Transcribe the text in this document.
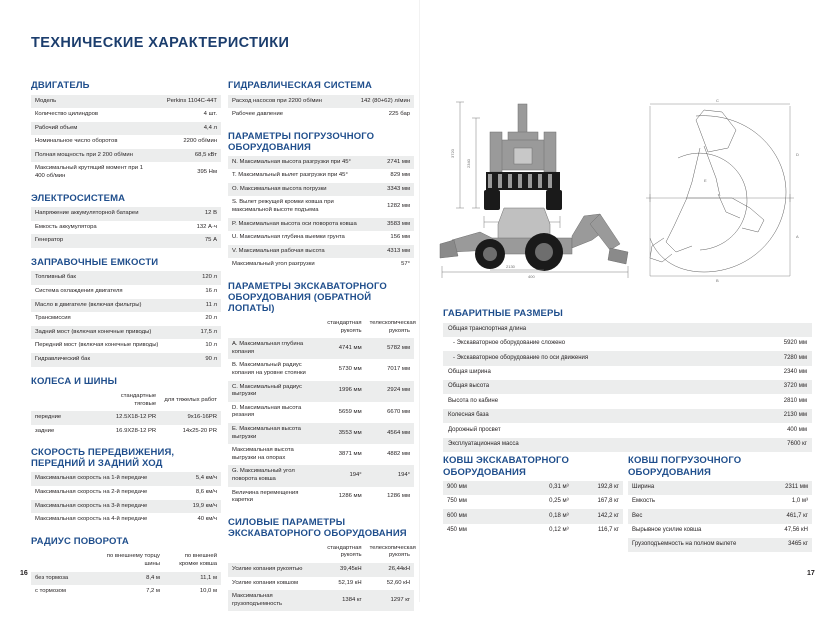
ТЕХНИЧЕСКИЕ ХАРАКТЕРИСТИКИ
ДВИГАТЕЛЬ
Модель	Perkins 1104C-44T
Количество цилиндров	4 шт.
Рабочий объем	4,4 л
Номинальное число оборотов	2200 об/мин
Полная мощность при 2 200 об/мин	68,5 кВт
Максимальный крутящий момент при 1 400 об/мин	395 Нм
ЭЛЕКТРОСИСТЕМА
Напряжение аккумуляторной батареи	12 В
Емкость аккумулятора	132 А·ч
Генератор	75 А
ЗАПРАВОЧНЫЕ ЕМКОСТИ
Топливный бак	120 л
Система охлаждения двигателя	16 л
Масло в двигателе (включая фильтры)	11 л
Трансмиссия	20 л
Задний мост (включая конечные приводы)	17,5 л
Передний мост (включая конечные приводы)	10 л
Гидравлический бак	90 л
КОЛЕСА И ШИНЫ
	стандартные тяговые	для тяжелых работ
передние	12.5X18-12 PR	9x16-16PR
задние	16.9X28-12 PR	14x25-20 PR
СКОРОСТЬ ПЕРЕДВИЖЕНИЯ, ПЕРЕДНИЙ И ЗАДНИЙ ХОД
Максимальная скорость на 1-й передаче	5,4 км/ч
Максимальная скорость на 2-й передаче	8,6 км/ч
Максимальная скорость на 3-й передаче	19,9 км/ч
Максимальная скорость на 4-й передаче	40 км/ч
РАДИУС ПОВОРОТА
	по внешнему торцу шины	по внешней кромке ковша
без тормоза	8,4 м	11,1 м
с тормозом	7,2 м	10,0 м
ГИДРАВЛИЧЕСКАЯ СИСТЕМА
Расход насосов при 2200 об/мин	142 (80+62) л/мин
Рабочее давление	225 бар
ПАРАМЕТРЫ ПОГРУЗОЧНОГО ОБОРУДОВАНИЯ
N. Максимальная высота разгрузки при 45°	2741 мм
T. Максимальный вылет разгрузки при 45°	829 мм
O. Максимальная высота погрузки	3343 мм
S. Вылет режущей кромки ковша при максимальной высоте подъема	1282 мм
P. Максимальная высота оси поворота ковша	3583 мм
U. Максимальная глубина выемки грунта	156 мм
V. Максимальная рабочая высота	4313 мм
Максимальный угол разгрузки	57°
ПАРАМЕТРЫ ЭКСКАВАТОРНОГО ОБОРУДОВАНИЯ (ОБРАТНОЙ ЛОПАТЫ)
	стандартная рукоять	телескопическая рукоять
A. Максимальная глубина копания	4741 мм	5782 мм
B. Максимальный радиус копания на уровне стоянки	5730 мм	7017 мм
C. Максимальный радиус выгрузки	1996 мм	2924 мм
D. Максимальная высота резания	5659 мм	6670 мм
E. Максимальная высота выгрузки	3553 мм	4564 мм
Максимальная высота выгрузки на опорах	3871 мм	4882 мм
G. Максимальный угол поворота ковша	194°	194°
Величина перемещения каретки	1286 мм	1286 мм
СИЛОВЫЕ ПАРАМЕТРЫ ЭКСКАВАТОРНОГО ОБОРУДОВАНИЯ
	стандартная рукоять	телескопическая рукоять
Усилие копания рукоятью	39,45кН	26,44кН
Усилие копания ковшом	52,19 кН	52,60 кН
Максимальная грузоподъемность	1384 кг	1297 кг
3720
2340
400
2130
C
D
A
B
E
ГАБАРИТНЫЕ РАЗМЕРЫ
Общая транспортная длина	
- Экскаваторное оборудование сложено	5920 мм
- Экскаваторное оборудование по оси движения	7280 мм
Общая ширина	2340 мм
Общая высота	3720 мм
Высота по кабине	2810 мм
Колесная база	2130 мм
Дорожный просвет	400 мм
Эксплуатационная масса	7600 кг
КОВШ ЭКСКАВАТОРНОГО ОБОРУДОВАНИЯ
900 мм	0,31 м³	192,8 кг
750 мм	0,25 м³	167,8 кг
600 мм	0,18 м³	142,2 кг
450 мм	0,12 м³	116,7 кг
КОВШ ПОГРУЗОЧНОГО ОБОРУДОВАНИЯ
Ширина	2311 мм
Емкость	1,0 м³
Вес	461,7 кг
Вырывное усилие ковша	47,56 кН
Грузоподъемность на полном вылете	3465 кг
16	17
